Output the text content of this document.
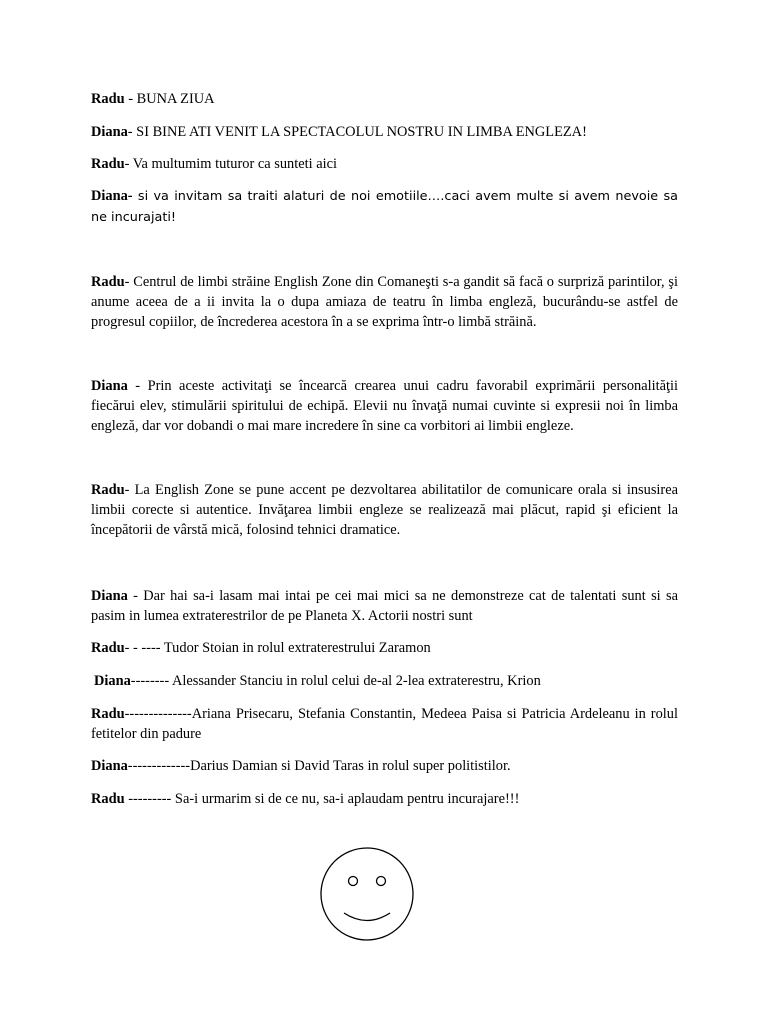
Radu - BUNA ZIUA

Diana- SI BINE ATI VENIT LA SPECTACOLUL NOSTRU IN LIMBA ENGLEZA!

Radu- Va multumim tuturor ca sunteti aici

Diana- si va invitam sa traiti alaturi de noi emotiile….caci avem multe si avem nevoie sa ne incurajati!

Radu- Centrul de limbi străine English Zone din Comaneşti s-a gandit să facă o surpriză parintilor, şi anume aceea de a ii invita la o dupa amiaza de teatru în limba engleză, bucurându-se astfel de progresul copiilor, de încrederea acestora în a se exprima într-o limbă străină.

Diana - Prin aceste activitaţi se încearcă crearea unui cadru favorabil exprimării personalităţii fiecărui elev, stimulării spiritului de echipă. Elevii nu învaţă numai cuvinte si expresii noi în limba engleză, dar vor dobandi o mai mare incredere în sine ca vorbitori ai limbii engleze.

Radu- La English Zone se pune accent pe dezvoltarea abilitatilor de comunicare orala si insusirea limbii corecte si autentice. Invăţarea limbii engleze se realizează mai plăcut, rapid şi eficient la începătorii de vârstă mică, folosind tehnici dramatice.

Diana - Dar hai sa-i lasam mai intai pe cei mai mici sa ne demonstreze cat de talentati sunt si sa pasim in lumea extraterestrilor de pe Planeta X. Actorii nostri sunt

Radu- - ---- Tudor Stoian in rolul extraterestrului Zaramon

Diana-------- Alessander Stanciu in rolul celui de-al 2-lea extraterestru, Krion

Radu--------------Ariana Prisecaru, Stefania Constantin, Medeea Paisa si Patricia Ardeleanu in rolul fetitelor din padure

Diana-------------Darius Damian si David Taras in rolul super politistilor.

Radu --------- Sa-i urmarim si de ce nu, sa-i aplaudam pentru incurajare!!!
